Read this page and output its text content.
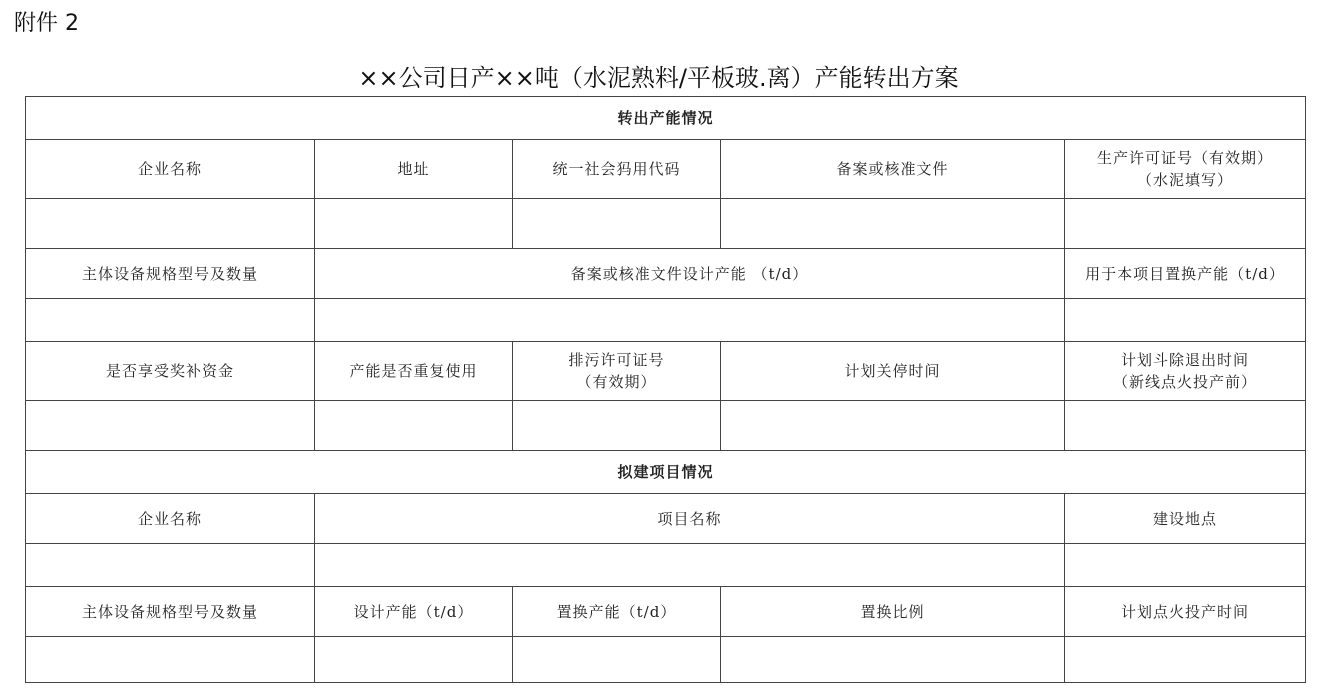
附件 2
××公司日产××吨（水泥熟料/平板玻.离）产能转出方案
转出产能情况				
企业名称	地址	统一社会犸用代码	备案或核准文件	生产许可证号（有效期）
（水泥填写）

主体设备规格型号及数量	备案或核准文件设计产能 （t/d）			用于本项目置换产能（t/d）

是否享受奖补资金	产能是否重复使用	排污许可证号
（有效期）	计划关停时间	计划⽃除退出时间
（新线点火投产前）

拟建项目情况				
企业名称	项目名称			建设地点

主体设备规格型号及数量	设计产能（t/d）	置换产能（t/d）	置换比例	计划点火投产时间
